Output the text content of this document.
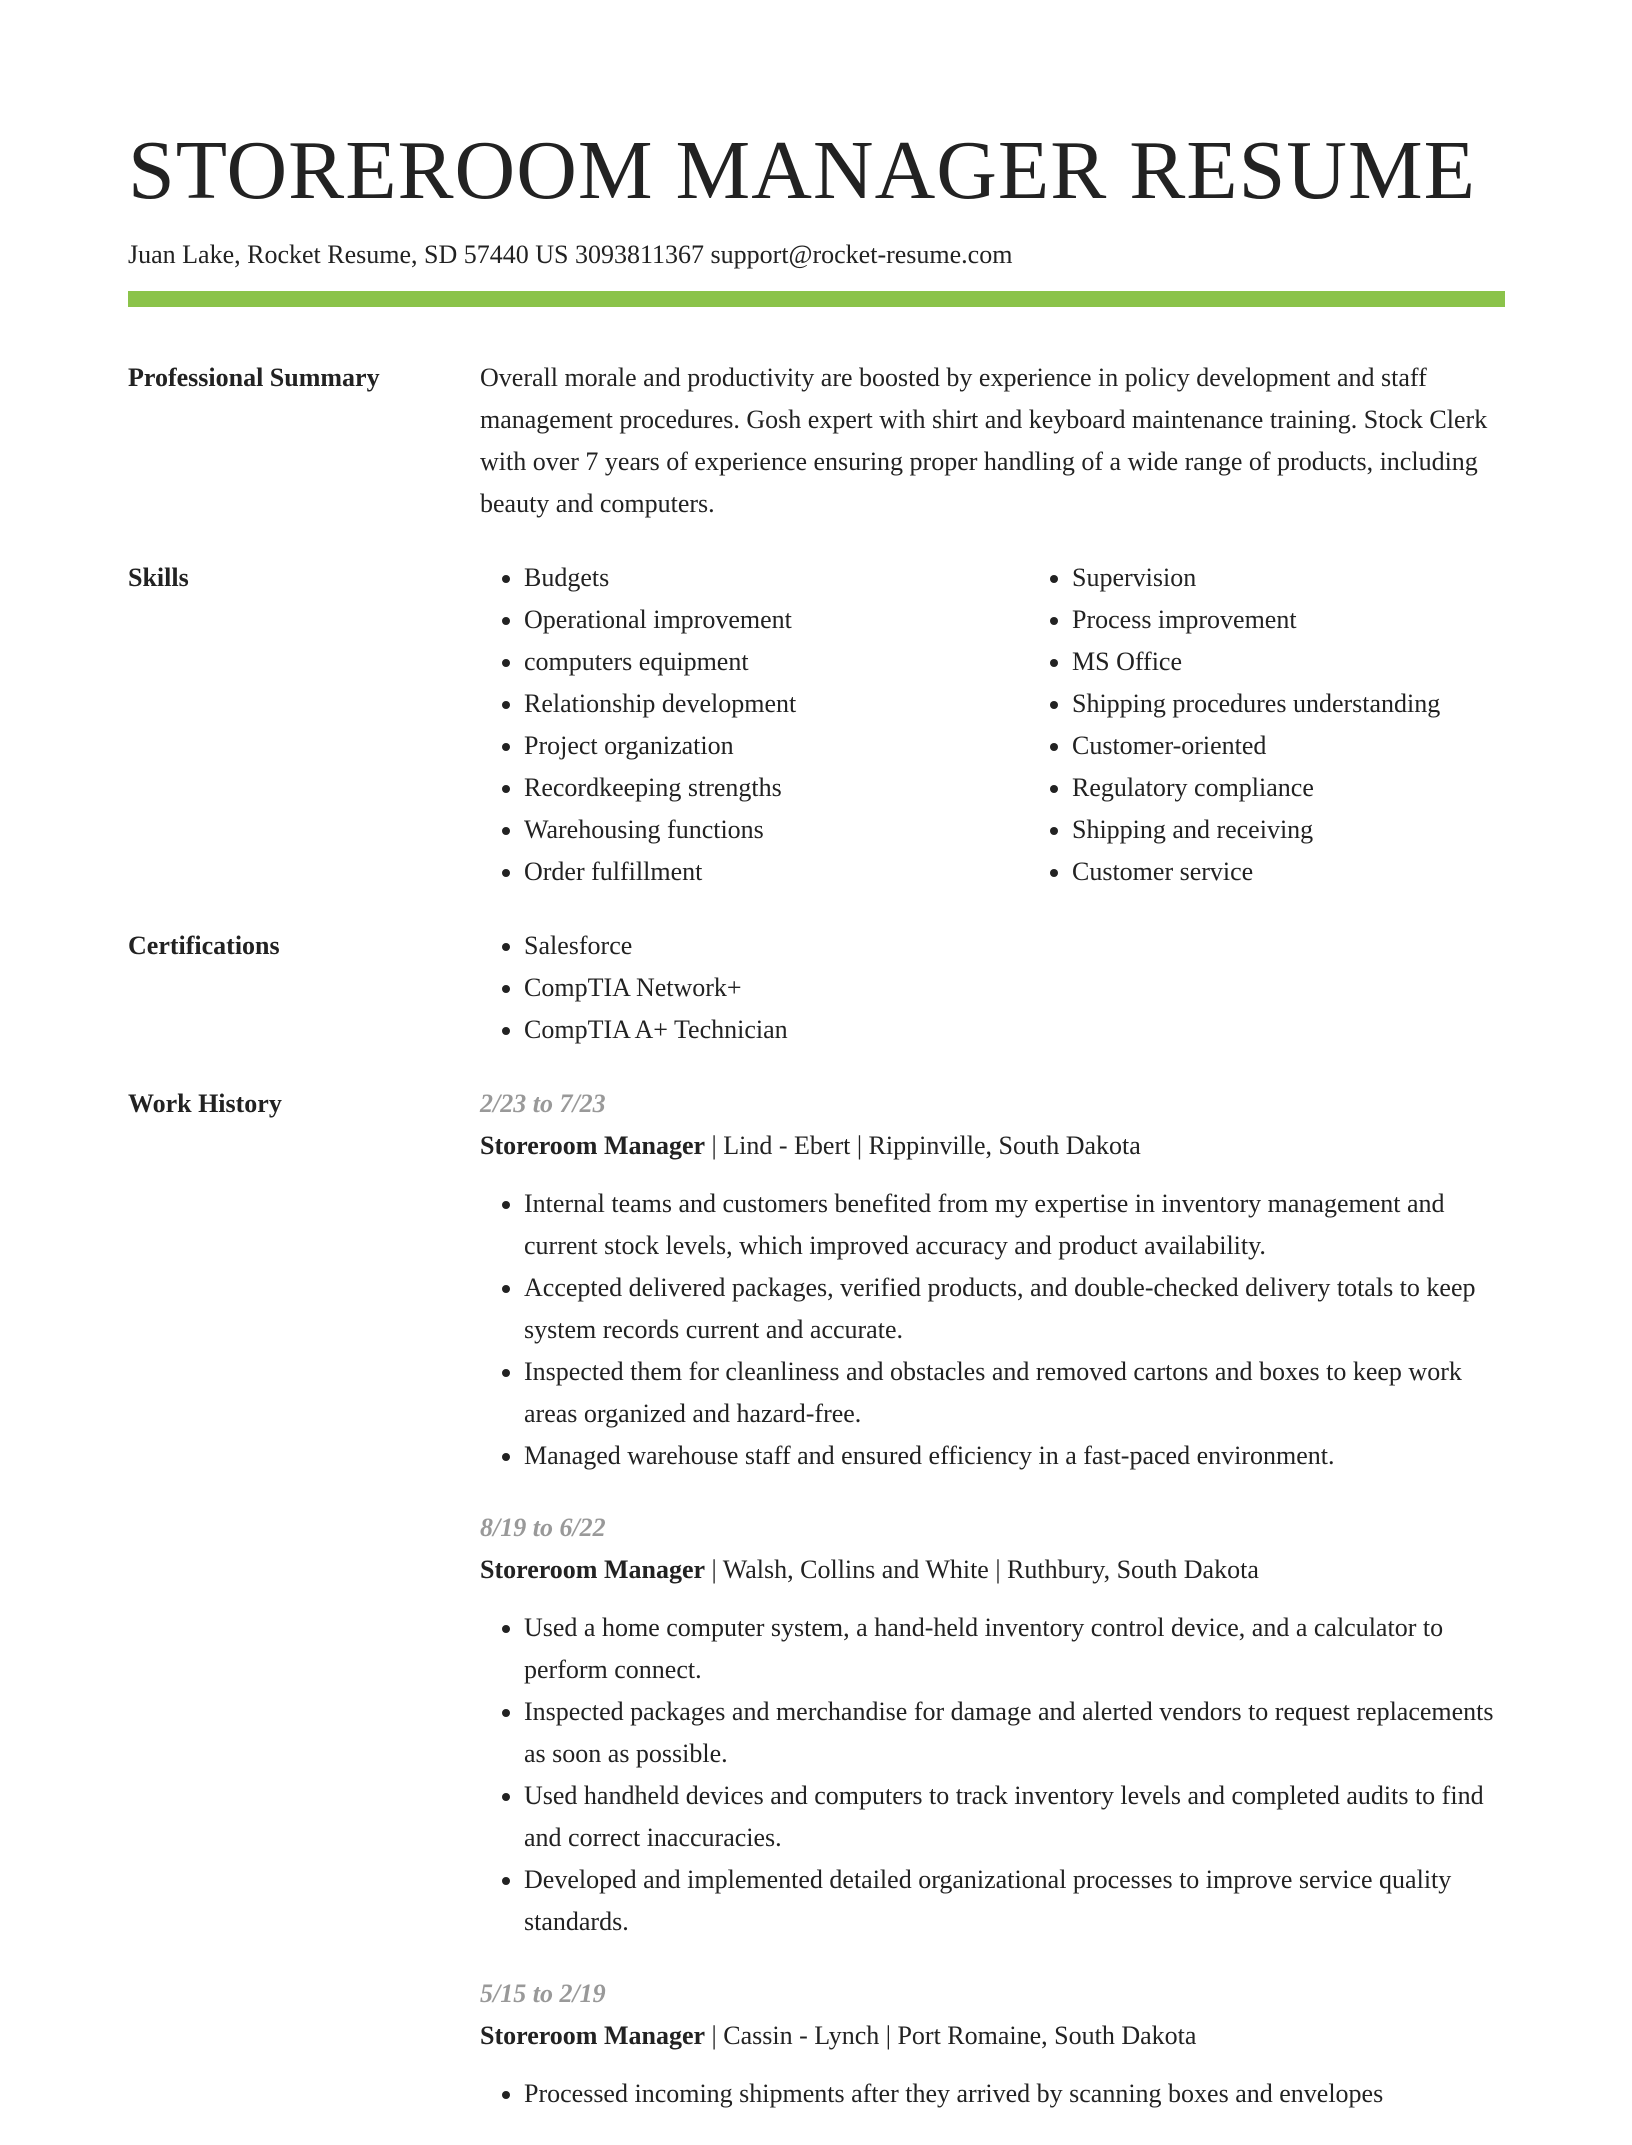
STOREROOM MANAGER RESUME
Juan Lake, Rocket Resume, SD 57440 US 3093811367 support@rocket-resume.com
Professional Summary	Overall morale and productivity are boosted by experience in policy development and staff management procedures. Gosh expert with shirt and keyboard maintenance training. Stock Clerk with over 7 years of experience ensuring proper handling of a wide range of products, including beauty and computers.
Skills	• Budgets
• Operational improvement
• computers equipment
• Relationship development
• Project organization
• Recordkeeping strengths
• Warehousing functions
• Order fulfillment
• Supervision
• Process improvement
• MS Office
• Shipping procedures understanding
• Customer-oriented
• Regulatory compliance
• Shipping and receiving
• Customer service
Certifications	• Salesforce
• CompTIA Network+
• CompTIA A+ Technician
Work History	2/23 to 7/23
Storeroom Manager | Lind - Ebert | Rippinville, South Dakota
• Internal teams and customers benefited from my expertise in inventory management and current stock levels, which improved accuracy and product availability.
• Accepted delivered packages, verified products, and double-checked delivery totals to keep system records current and accurate.
• Inspected them for cleanliness and obstacles and removed cartons and boxes to keep work areas organized and hazard-free.
• Managed warehouse staff and ensured efficiency in a fast-paced environment.
8/19 to 6/22
Storeroom Manager | Walsh, Collins and White | Ruthbury, South Dakota
• Used a home computer system, a hand-held inventory control device, and a calculator to perform connect.
• Inspected packages and merchandise for damage and alerted vendors to request replacements as soon as possible.
• Used handheld devices and computers to track inventory levels and completed audits to find and correct inaccuracies.
• Developed and implemented detailed organizational processes to improve service quality standards.
5/15 to 2/19
Storeroom Manager | Cassin - Lynch | Port Romaine, South Dakota
• Processed incoming shipments after they arrived by scanning boxes and envelopes
